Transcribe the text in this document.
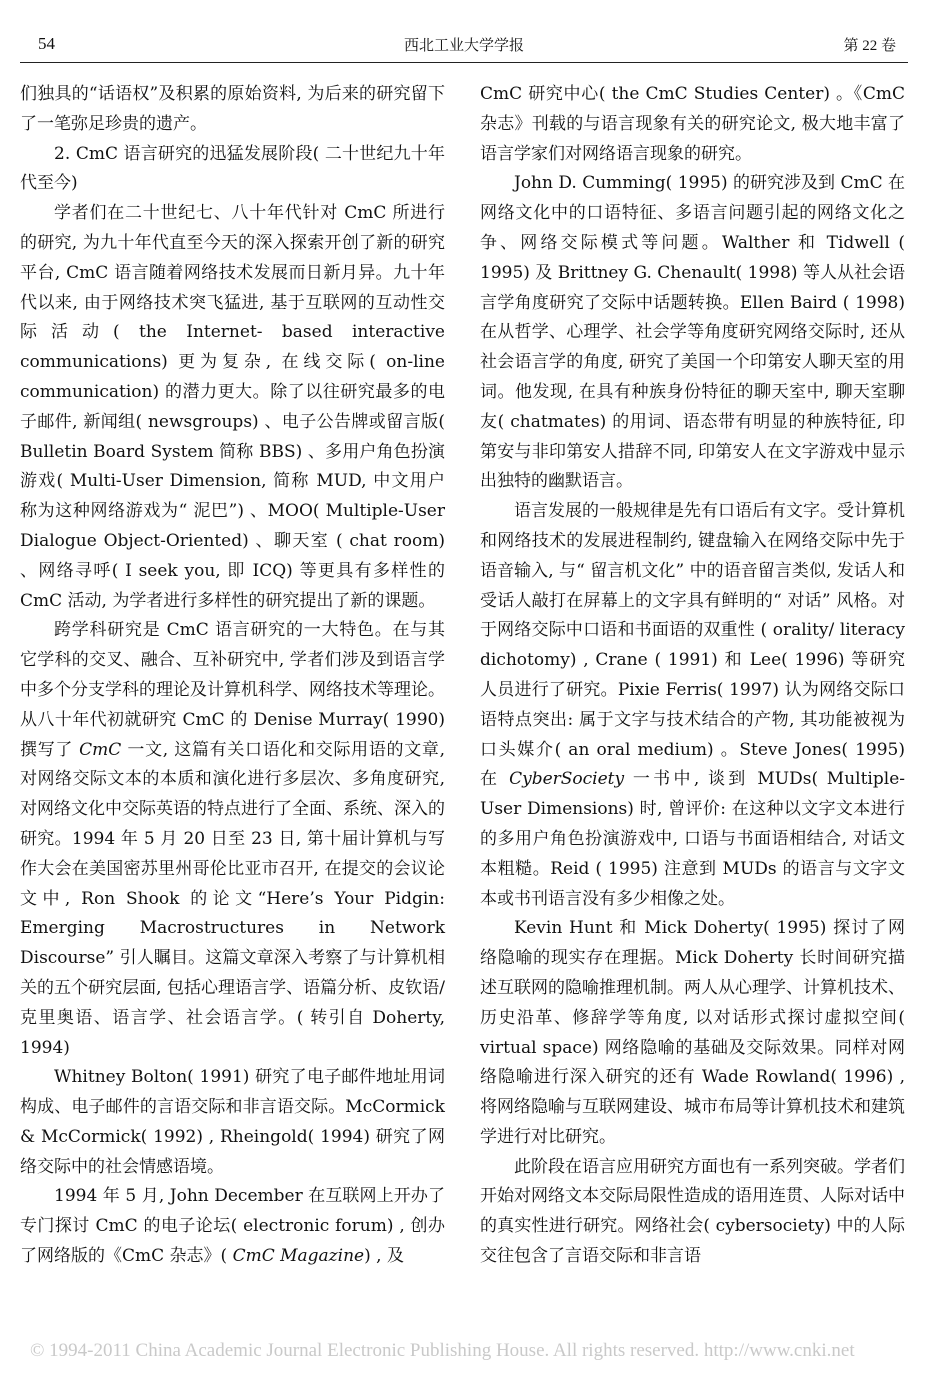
54	西北工业大学学报	第 22 卷

们独具的“话语权”及积累的原始资料, 为后来的研究留下了一笔弥足珍贵的遗产。

2. CmC 语言研究的迅猛发展阶段( 二十世纪九十年代至今)

学者们在二十世纪七、八十年代针对 CmC 所进行的研究, 为九十年代直至今天的深入探索开创了新的研究平台, CmC 语言随着网络技术发展而日新月异。九十年代以来, 由于网络技术突飞猛进, 基于互联网的互动性交际活动( the Internet- based interactive communications) 更为复杂, 在线交际( on-line communication) 的潜力更大。除了以往研究最多的电子邮件, 新闻组( newsgroups) 、电子公告牌或留言版( Bulletin Board System 简称 BBS) 、多用户角色扮演游戏( Multi-User Dimension, 简称 MUD, 中文用户称为这种网络游戏为“ 泥巴”) 、MOO( Multiple-User Dialogue Object-Oriented) 、聊天室 ( chat room) 、网络寻呼( I seek you, 即 ICQ) 等更具有多样性的 CmC 活动, 为学者进行多样性的研究提出了新的课题。

跨学科研究是 CmC 语言研究的一大特色。在与其它学科的交叉、融合、互补研究中, 学者们涉及到语言学中多个分支学科的理论及计算机科学、网络技术等理论。从八十年代初就研究 CmC 的 Denise Murray( 1990) 撰写了 CmC 一文, 这篇有关口语化和交际用语的文章, 对网络交际文本的本质和演化进行多层次、多角度研究, 对网络文化中交际英语的特点进行了全面、系统、深入的研究。1994 年 5 月 20 日至 23 日, 第十届计算机与写作大会在美国密苏里州哥伦比亚市召开, 在提交的会议论文中, Ron Shook 的论文“Here’s Your Pidgin: Emerging Macrostructures in Network Discourse” 引人瞩目。这篇文章深入考察了与计算机相关的五个研究层面, 包括心理语言学、语篇分析、皮钦语/ 克里奥语、语言学、社会语言学。( 转引自 Doherty, 1994)

Whitney Bolton( 1991) 研究了电子邮件地址用词构成、电子邮件的言语交际和非言语交际。McCormick & McCormick( 1992) , Rheingold( 1994) 研究了网络交际中的社会情感语境。

1994 年 5 月, John December 在互联网上开办了专门探讨 CmC 的电子论坛( electronic forum) , 创办了网络版的《CmC 杂志》( CmC Magazine) , 及

CmC 研究中心( the CmC Studies Center) 。《CmC 杂志》刊载的与语言现象有关的研究论文, 极大地丰富了语言学家们对网络语言现象的研究。

John D. Cumming( 1995) 的研究涉及到 CmC 在网络文化中的口语特征、多语言问题引起的网络文化之争、网络交际模式等问题。Walther 和 Tidwell ( 1995) 及 Brittney G. Chenault( 1998) 等人从社会语言学角度研究了交际中话题转换。Ellen Baird ( 1998) 在从哲学、心理学、社会学等角度研究网络交际时, 还从社会语言学的角度, 研究了美国一个印第安人聊天室的用词。他发现, 在具有种族身份特征的聊天室中, 聊天室聊友( chatmates) 的用词、语态带有明显的种族特征, 印第安与非印第安人措辞不同, 印第安人在文字游戏中显示出独特的幽默语言。

语言发展的一般规律是先有口语后有文字。受计算机和网络技术的发展进程制约, 键盘输入在网络交际中先于语音输入, 与“ 留言机文化” 中的语音留言类似, 发话人和受话人敲打在屏幕上的文字具有鲜明的“ 对话” 风格。对于网络交际中口语和书面语的双重性 ( orality/ literacy dichotomy) , Crane ( 1991) 和 Lee( 1996) 等研究人员进行了研究。Pixie Ferris( 1997) 认为网络交际口语特点突出: 属于文字与技术结合的产物, 其功能被视为口头媒介( an oral medium) 。Steve Jones( 1995) 在 CyberSociety 一书中, 谈到 MUDs( Multiple-User Dimensions) 时, 曾评价: 在这种以文字文本进行的多用户角色扮演游戏中, 口语与书面语相结合, 对话文本粗糙。Reid ( 1995) 注意到 MUDs 的语言与文字文本或书刊语言没有多少相像之处。

Kevin Hunt 和 Mick Doherty( 1995) 探讨了网络隐喻的现实存在理据。Mick Doherty 长时间研究描述互联网的隐喻推理机制。两人从心理学、计算机技术、历史沿革、修辞学等角度, 以对话形式探讨虚拟空间( virtual space) 网络隐喻的基础及交际效果。同样对网络隐喻进行深入研究的还有 Wade Rowland( 1996) , 将网络隐喻与互联网建设、城市布局等计算机技术和建筑学进行对比研究。

此阶段在语言应用研究方面也有一系列突破。学者们开始对网络文本交际局限性造成的语用连贯、人际对话中的真实性进行研究。网络社会( cybersociety) 中的人际交往包含了言语交际和非言语

© 1994-2011 China Academic Journal Electronic Publishing House. All rights reserved. http://www.cnki.net
